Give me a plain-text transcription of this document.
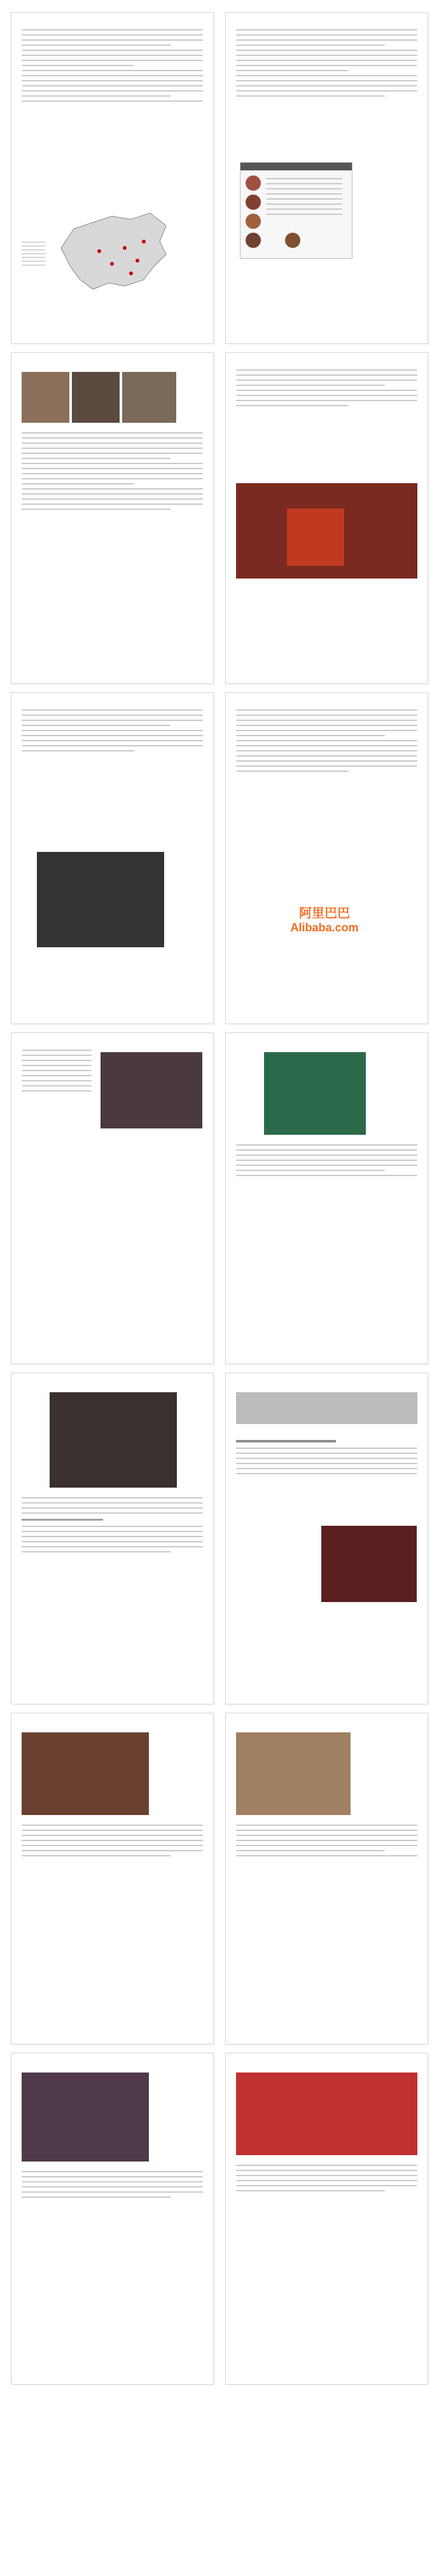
阿里巴巴
Alibaba.com
